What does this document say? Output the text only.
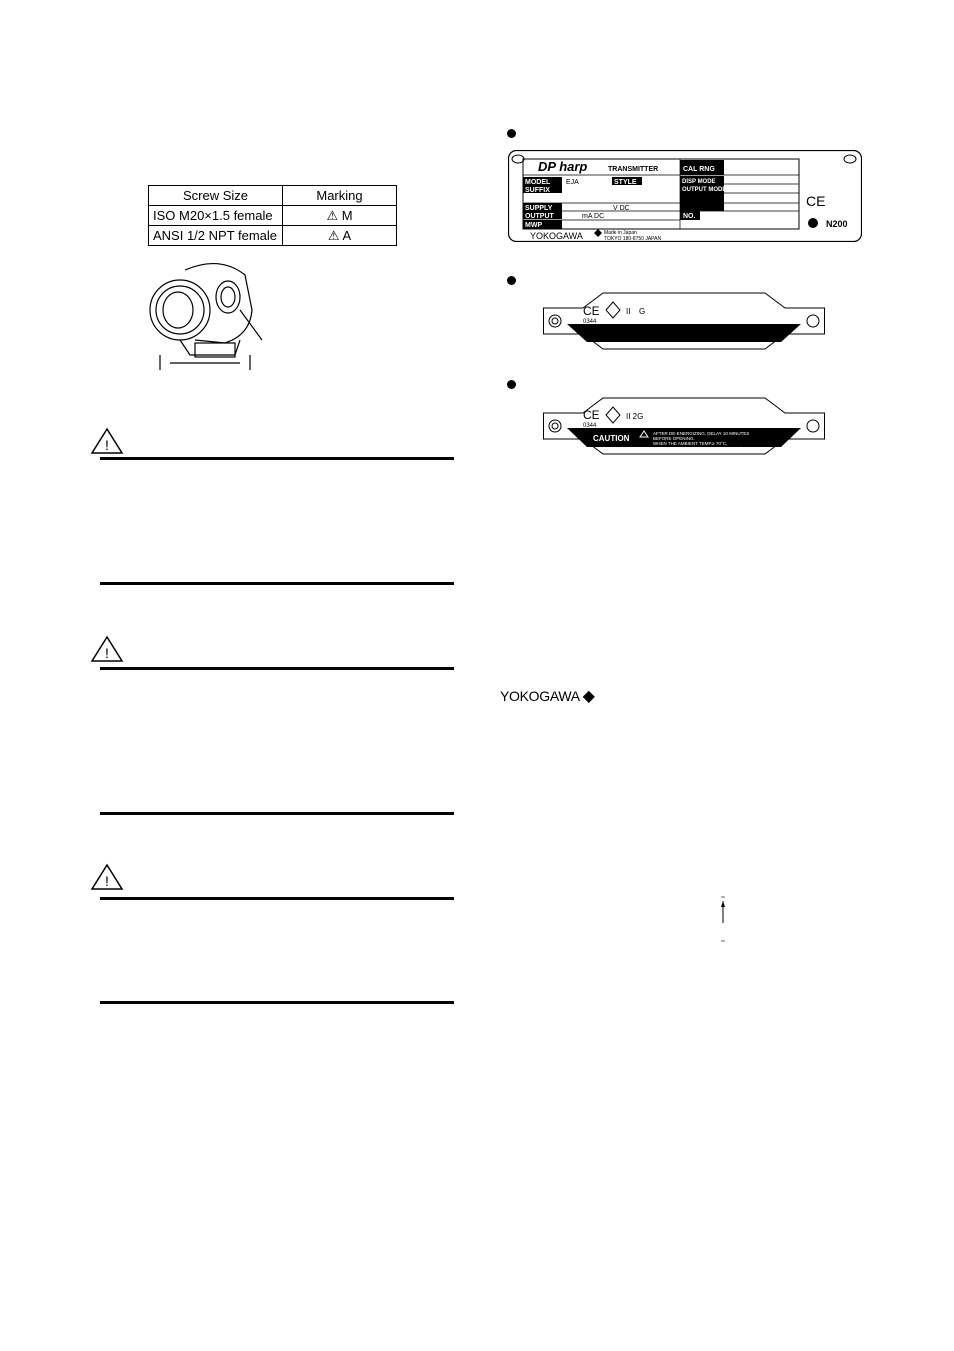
Screw Size	Marking
ISO M20×1.5 female	⚠ M
ANSI 1/2 NPT female	⚠ A
!
!
!
DP harp	TRANSMITTER	CAL RNG
MODEL EJA	STYLE
SUFFIX
DISP MODE
OUTPUT MODE
SUPPLY	V DC
OUTPUT	mA DC
MWP
NO.
YOKOGAWA	Made in Japan
TOKYO 180-8750 JAPAN
CE
N200
CE
0344
II G
CE
0344
II 2G
CAUTION
AFTER DE-ENERGIZING, DELAY 10 MINUTES
BEFORE OPENING.
WHEN THE AMBIENT TEMP.≥ 70°C,
USE THE HEAT-RESISTING CABLES ≥ 90°C.
YOKOGAWA ◆
